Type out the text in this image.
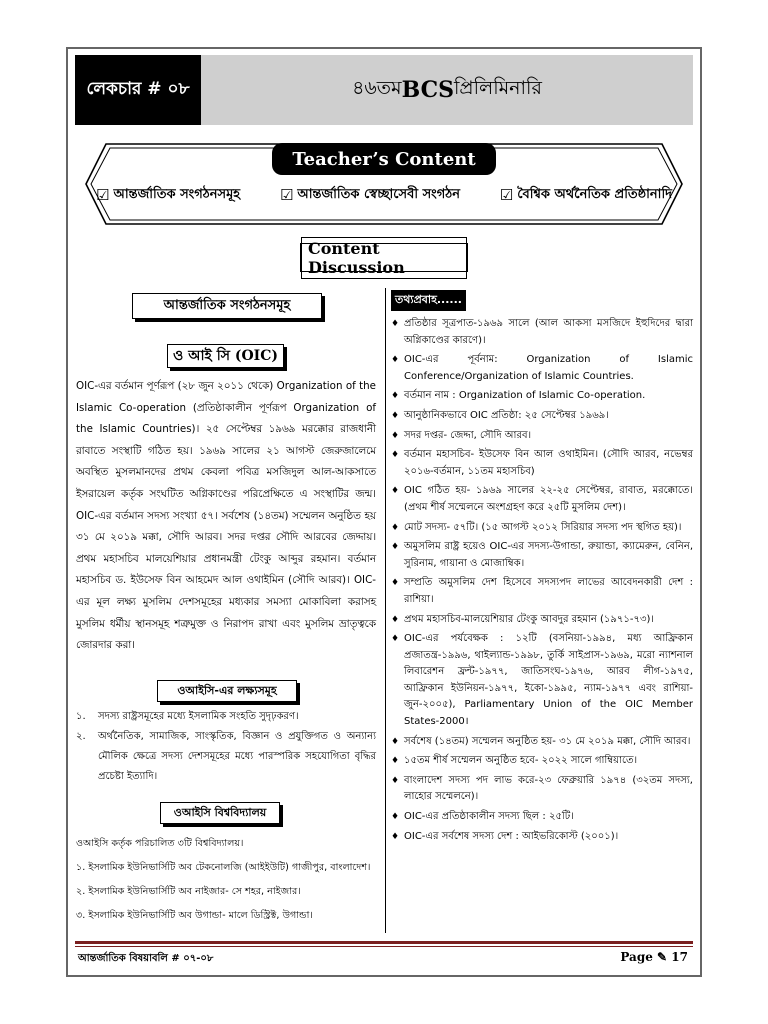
লেকচার # ০৮	৪৬তম BCS প্রিলিমিনারি
Teacher’s Content
☑ আন্তর্জাতিক সংগঠনসমূহ	☑ আন্তর্জাতিক স্বেচ্ছাসেবী সংগঠন	☑ বৈশ্বিক অর্থনৈতিক প্রতিষ্ঠানাদি
Content Discussion
আন্তর্জাতিক সংগঠনসমূহ
ও আই সি (OIC)

OIC-এর বর্তমান পূর্ণরূপ (২৮ জুন ২০১১ থেকে) Organization of the Islamic Co-operation (প্রতিষ্ঠাকালীন পূর্ণরূপ Organization of the Islamic Countries)। ২৫ সেপ্টেম্বর ১৯৬৯ মরক্কোর রাজধানী রাবাতে সংস্থাটি গঠিত হয়। ১৯৬৯ সালের ২১ আগস্ট জেরুজালেমে অবস্থিত মুসলমানদের প্রথম কেবলা পবিত্র মসজিদুল আল-আকসাতে ইসরায়েল কর্তৃক সংঘটিত অগ্নিকাণ্ডের পরিপ্রেক্ষিতে এ সংস্থাটির জন্ম। OIC-এর বর্তমান সদস্য সংখ্যা ৫৭। সর্বশেষ (১৪তম) সম্মেলন অনুষ্ঠিত হয় ৩১ মে ২০১৯ মক্কা, সৌদি আরব। সদর দপ্তর সৌদি আরবের জেদ্দায়। প্রথম মহাসচিব মালয়েশিয়ার প্রধানমন্ত্রী টেংকু আব্দুর রহমান। বর্তমান মহাসচিব ড. ইউসেফ বিন আহমেদ আল ওথাইমিন (সৌদি আরব)। OIC-এর মূল লক্ষ্য মুসলিম দেশসমূহের মধ্যকার সমস্যা মোকাবিলা করাসহ মুসলিম ধর্মীয় স্থানসমূহ শত্রুমুক্ত ও নিরাপদ রাখা এবং মুসলিম ভ্রাতৃত্বকে জোরদার করা।

ওআইসি-এর লক্ষ্যসমূহ
১.	সদস্য রাষ্ট্রসমূহের মধ্যে ইসলামিক সংহতি সুদৃঢ়করণ।
২.	অর্থনৈতিক, সামাজিক, সাংস্কৃতিক, বিজ্ঞান ও প্রযুক্তিগত ও অন্যান্য মৌলিক ক্ষেত্রে সদস্য দেশসমূহের মধ্যে পারস্পরিক সহযোগিতা বৃদ্ধির প্রচেষ্টা ইত্যাদি।
ওআইসি বিশ্ববিদ্যালয়
ওআইসি কর্তৃক পরিচালিত ৩টি বিশ্ববিদ্যালয়।
১. ইসলামিক ইউনিভার্সিটি অব টেকনোলজি (আইইউটি) গাজীপুর, বাংলাদেশ।
২. ইসলামিক ইউনিভার্সিটি অব নাইজার- সে শহর, নাইজার।
৩. ইসলামিক ইউনিভার্সিটি অব উগান্ডা- মালে ডিস্ট্রিক্ট, উগান্ডা।
তথ্যপ্রবাহ......
♦ প্রতিষ্ঠার সূত্রপাত-১৯৬৯ সালে (আল আকসা মসজিদে ইহুদিদের দ্বারা অগ্নিকাণ্ডের কারণে)।
♦ OIC-এর পূর্বনাম: Organization of Islamic Conference/Organization of Islamic Countries.
♦ বর্তমান নাম : Organization of Islamic Co-operation.
♦ আনুষ্ঠানিকভাবে OIC প্রতিষ্ঠা: ২৫ সেপ্টেম্বর ১৯৬৯।
♦ সদর দপ্তর- জেদ্দা, সৌদি আরব।
♦ বর্তমান মহাসচিব- ইউসেফ বিন আল ওথাইমিন। (সৌদি আরব, নভেম্বর ২০১৬-বর্তমান, ১১তম মহাসচিব)
♦ OIC গঠিত হয়- ১৯৬৯ সালের ২২-২৫ সেপ্টেম্বর, রাবাত, মরক্কোতে। (প্রথম শীর্ষ সম্মেলনে অংশগ্রহণ করে ২৫টি মুসলিম দেশ)।
♦ মোট সদস্য- ৫৭টি। (১৫ আগস্ট ২০১২ সিরিয়ার সদস্য পদ স্থগিত হয়)।
♦ অমুসলিম রাষ্ট্র হয়েও OIC-এর সদস্য-উগান্ডা, রুয়ান্ডা, ক্যামেরুন, বেনিন, সুরিনাম, গায়ানা ও মোজাম্বিক।
♦ সম্প্রতি অমুসলিম দেশ হিসেবে সদস্যপদ লাভের আবেদনকারী দেশ : রাশিয়া।
♦ প্রথম মহাসচিব-মালয়েশিয়ার টেংকু আবদুর রহমান (১৯৭১-৭৩)।
♦ OIC-এর পর্যবেক্ষক : ১২টি (বসনিয়া-১৯৯৪, মধ্য আফ্রিকান প্রজাতন্ত্র-১৯৯৬, থাইল্যান্ড-১৯৯৮, তুর্কি সাইপ্রাস-১৯৬৯, মরো ন্যাশনাল লিবারেশন ফ্রন্ট-১৯৭৭, জাতিসংঘ-১৯৭৬, আরব লীগ-১৯৭৫, আফ্রিকান ইউনিয়ন-১৯৭৭, ইকো-১৯৯৫, ন্যাম-১৯৭৭ এবং রাশিয়া-জুন-২০০৫), Parliamentary Union of the OIC Member States-2000।
♦ সর্বশেষ (১৪তম) সম্মেলন অনুষ্ঠিত হয়- ৩১ মে ২০১৯ মক্কা, সৌদি আরব।
♦ ১৫তম শীর্ষ সম্মেলন অনুষ্ঠিত হবে- ২০২২ সালে গাম্বিয়াতে।
♦ বাংলাদেশ সদস্য পদ লাভ করে-২৩ ফেব্রুয়ারি ১৯৭৪ (৩২তম সদস্য, লাহোর সম্মেলনে)।
♦ OIC-এর প্রতিষ্ঠাকালীন সদস্য ছিল : ২৫টি।
♦ OIC-এর সর্বশেষ সদস্য দেশ : আইভরিকোস্ট (২০০১)।
আন্তর্জাতিক বিষয়াবলি # ০৭-০৮	Page ✎ 17
